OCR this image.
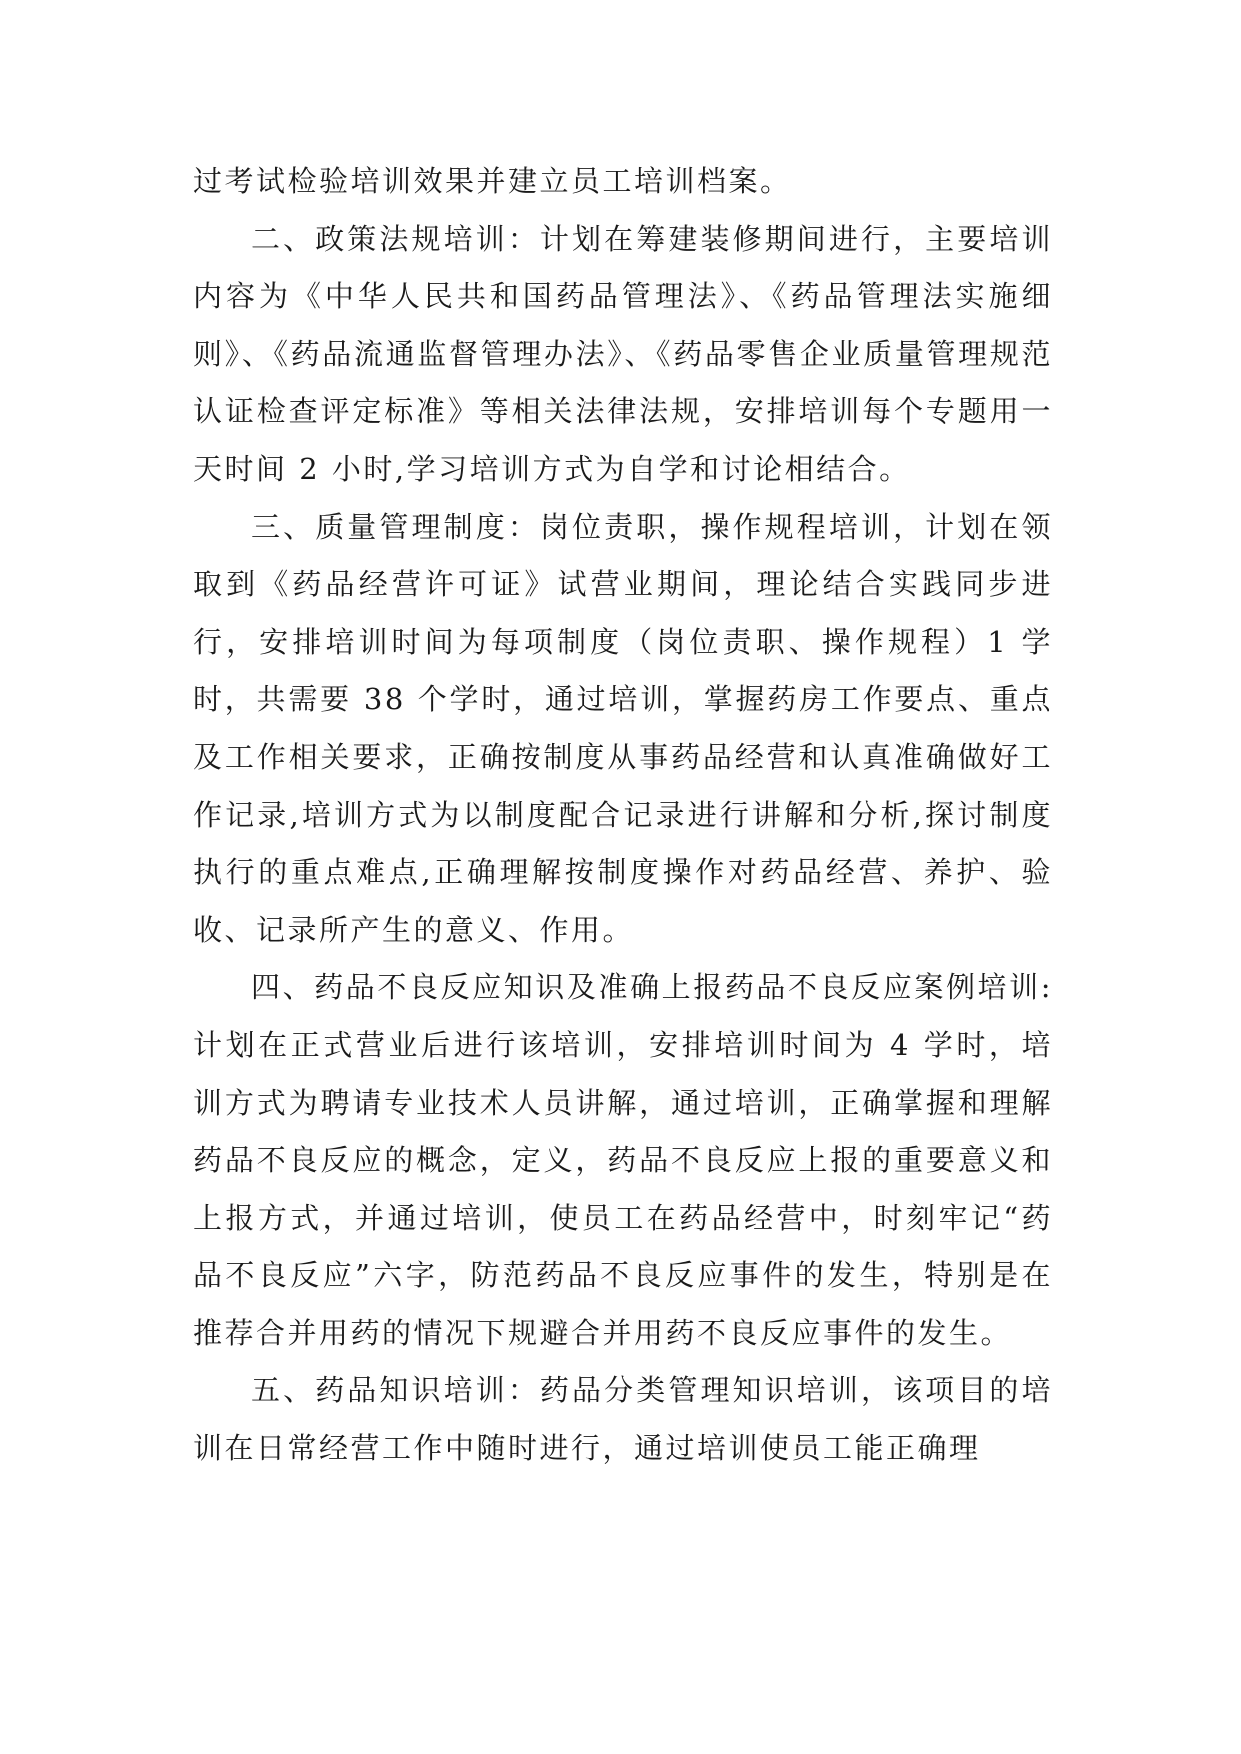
过考试检验培训效果并建立员工培训档案。

二、政策法规培训：计划在筹建装修期间进行，主要培训内容为《中华人民共和国药品管理法》、《药品管理法实施细则》、《药品流通监督管理办法》、《药品零售企业质量管理规范认证检查评定标准》等相关法律法规，安排培训每个专题用一天时间 2 小时,学习培训方式为自学和讨论相结合。

三、质量管理制度：岗位责职，操作规程培训，计划在领取到《药品经营许可证》试营业期间，理论结合实践同步进行，安排培训时间为每项制度（岗位责职、操作规程）1 学时，共需要 38 个学时，通过培训，掌握药房工作要点、重点及工作相关要求，正确按制度从事药品经营和认真准确做好工作记录,培训方式为以制度配合记录进行讲解和分析,探讨制度执行的重点难点,正确理解按制度操作对药品经营、养护、验收、记录所产生的意义、作用。

四、药品不良反应知识及准确上报药品不良反应案例培训:计划在正式营业后进行该培训，安排培训时间为 4 学时，培训方式为聘请专业技术人员讲解，通过培训，正确掌握和理解药品不良反应的概念，定义，药品不良反应上报的重要意义和上报方式，并通过培训，使员工在药品经营中，时刻牢记“药品不良反应”六字，防范药品不良反应事件的发生，特别是在推荐合并用药的情况下规避合并用药不良反应事件的发生。

五、药品知识培训：药品分类管理知识培训，该项目的培训在日常经营工作中随时进行，通过培训使员工能正确理
